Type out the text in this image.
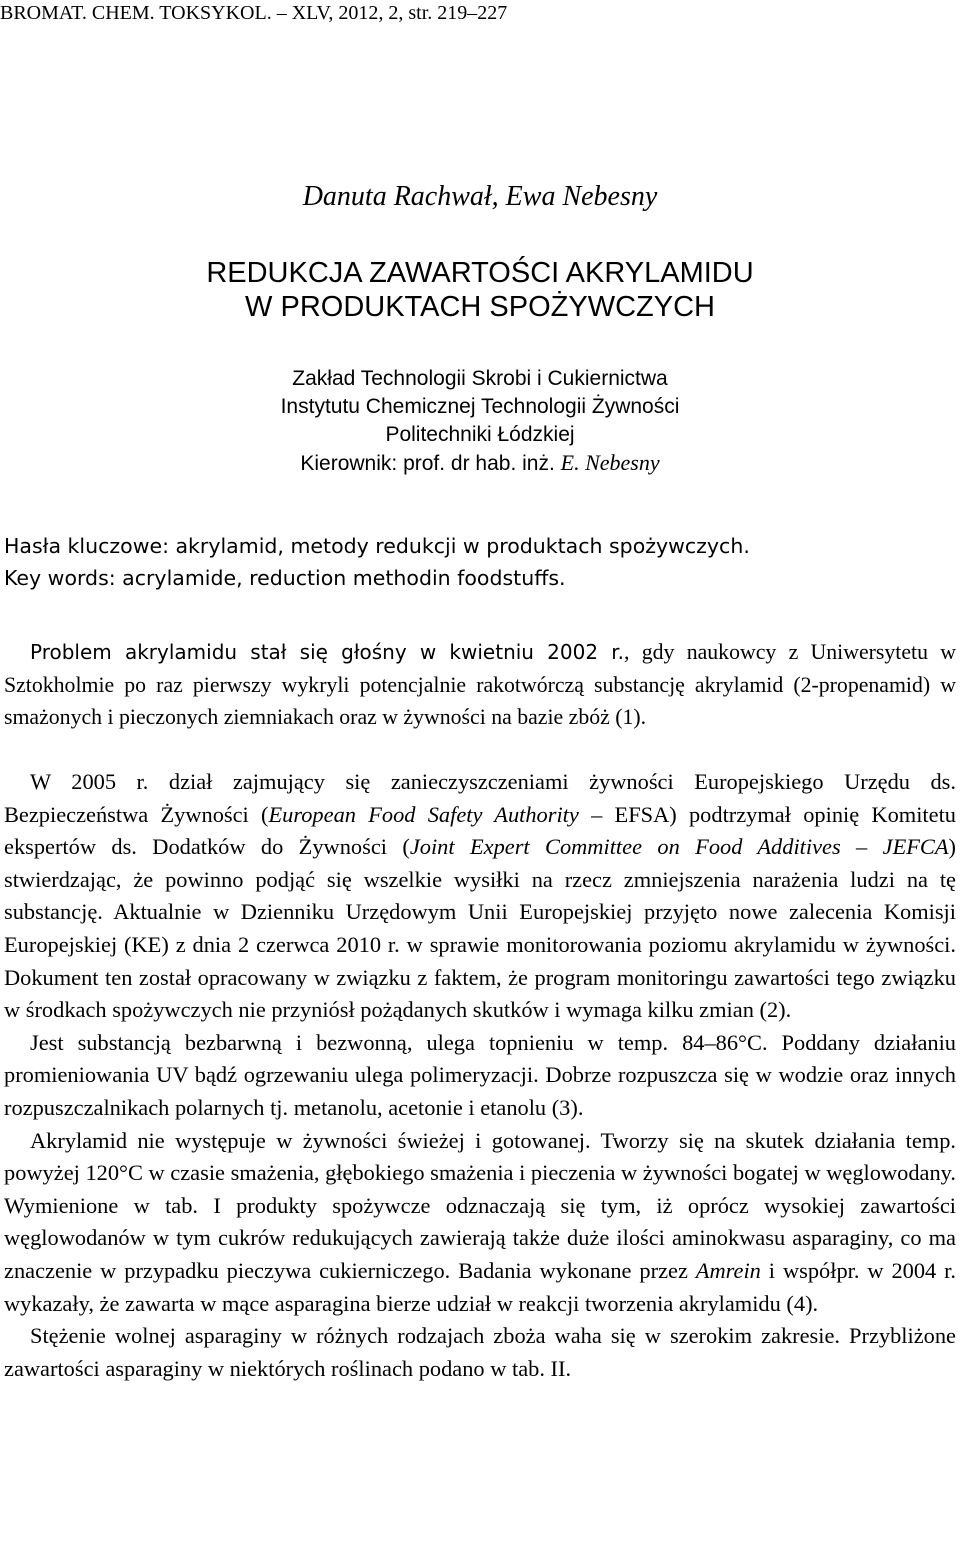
BROMAT. CHEM. TOKSYKOL. – XLV, 2012, 2, str. 219–227
Danuta Rachwał, Ewa Nebesny
REDUKCJA ZAWARTOŚCI AKRYLAMIDU
W PRODUKTACH SPOŻYWCZYCH
Zakład Technologii Skrobi i Cukiernictwa
Instytutu Chemicznej Technologii Żywności
Politechniki Łódzkiej
Kierownik: prof. dr hab. inż. E. Nebesny
Hasła kluczowe: akrylamid, metody redukcji w produktach spożywczych.
Key words: acrylamide, reduction methodin foodstuffs.
Problem akrylamidu stał się głośny w kwietniu 2002 r., gdy naukowcy z Uniwersytetu w Sztokholmie po raz pierwszy wykryli potencjalnie rakotwórczą substancję akrylamid (2-propenamid) w smażonych i pieczonych ziemniakach oraz w żywności na bazie zbóż (1).

W 2005 r. dział zajmujący się zanieczyszczeniami żywności Europejskiego Urzędu ds. Bezpieczeństwa Żywności (European Food Safety Authority – EFSA) podtrzymał opinię Komitetu ekspertów ds. Dodatków do Żywności (Joint Expert Committee on Food Additives – JEFCA) stwierdzając, że powinno podjąć się wszelkie wysiłki na rzecz zmniejszenia narażenia ludzi na tę substancję. Aktualnie w Dzienniku Urzędowym Unii Europejskiej przyjęto nowe zalecenia Komisji Europejskiej (KE) z dnia 2 czerwca 2010 r. w sprawie monitorowania poziomu akrylamidu w żywności. Dokument ten został opracowany w związku z faktem, że program monitoringu zawartości tego związku w środkach spożywczych nie przyniósł pożądanych skutków i wymaga kilku zmian (2).

Jest substancją bezbarwną i bezwonną, ulega topnieniu w temp. 84–86°C. Poddany działaniu promieniowania UV bądź ogrzewaniu ulega polimeryzacji. Dobrze rozpuszcza się w wodzie oraz innych rozpuszczalnikach polarnych tj. metanolu, acetonie i etanolu (3).

Akrylamid nie występuje w żywności świeżej i gotowanej. Tworzy się na skutek działania temp. powyżej 120°C w czasie smażenia, głębokiego smażenia i pieczenia w żywności bogatej w węglowodany. Wymienione w tab. I produkty spożywcze odznaczają się tym, iż oprócz wysokiej zawartości węglowodanów w tym cukrów redukujących zawierają także duże ilości aminokwasu asparaginy, co ma znaczenie w przypadku pieczywa cukierniczego. Badania wykonane przez Amrein i współpr. w 2004 r. wykazały, że zawarta w mące asparagina bierze udział w reakcji tworzenia akrylamidu (4).

Stężenie wolnej asparaginy w różnych rodzajach zboża waha się w szerokim zakresie. Przybliżone zawartości asparaginy w niektórych roślinach podano w tab. II.
